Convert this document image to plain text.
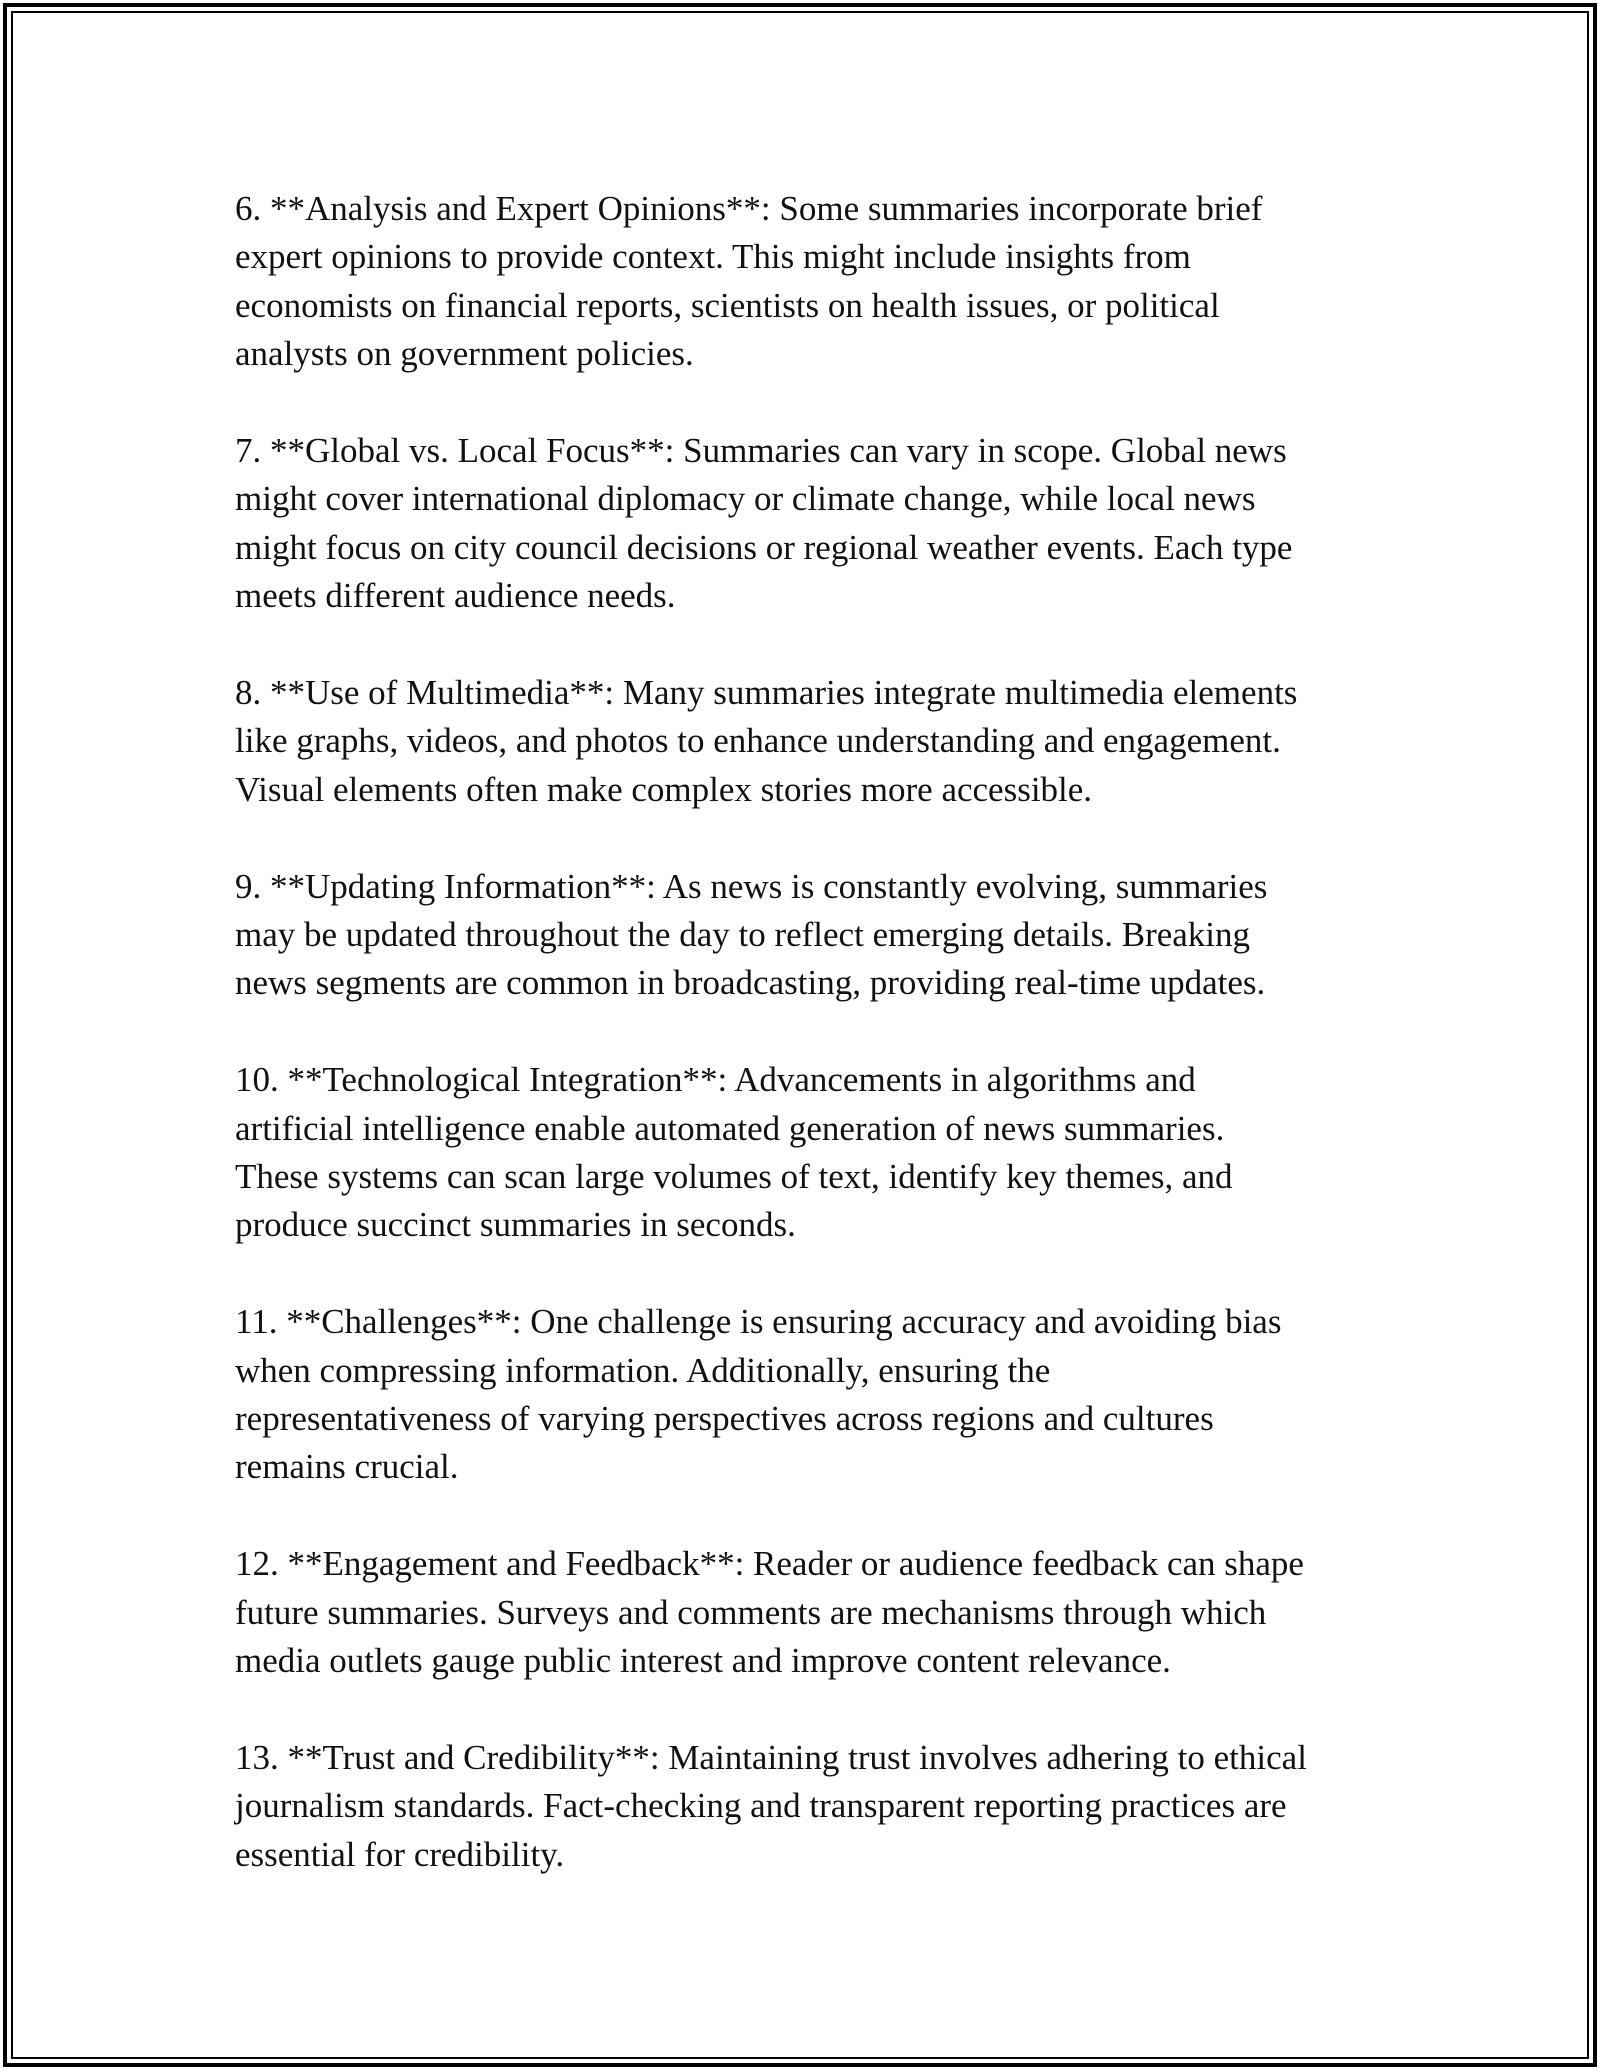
6. **Analysis and Expert Opinions**: Some summaries incorporate brief
expert opinions to provide context. This might include insights from
economists on financial reports, scientists on health issues, or political
analysts on government policies.

7. **Global vs. Local Focus**: Summaries can vary in scope. Global news
might cover international diplomacy or climate change, while local news
might focus on city council decisions or regional weather events. Each type
meets different audience needs.

8. **Use of Multimedia**: Many summaries integrate multimedia elements
like graphs, videos, and photos to enhance understanding and engagement.
Visual elements often make complex stories more accessible.

9. **Updating Information**: As news is constantly evolving, summaries
may be updated throughout the day to reflect emerging details. Breaking
news segments are common in broadcasting, providing real-time updates.

10. **Technological Integration**: Advancements in algorithms and
artificial intelligence enable automated generation of news summaries.
These systems can scan large volumes of text, identify key themes, and
produce succinct summaries in seconds.

11. **Challenges**: One challenge is ensuring accuracy and avoiding bias
when compressing information. Additionally, ensuring the
representativeness of varying perspectives across regions and cultures
remains crucial.

12. **Engagement and Feedback**: Reader or audience feedback can shape
future summaries. Surveys and comments are mechanisms through which
media outlets gauge public interest and improve content relevance.

13. **Trust and Credibility**: Maintaining trust involves adhering to ethical
journalism standards. Fact-checking and transparent reporting practices are
essential for credibility.
